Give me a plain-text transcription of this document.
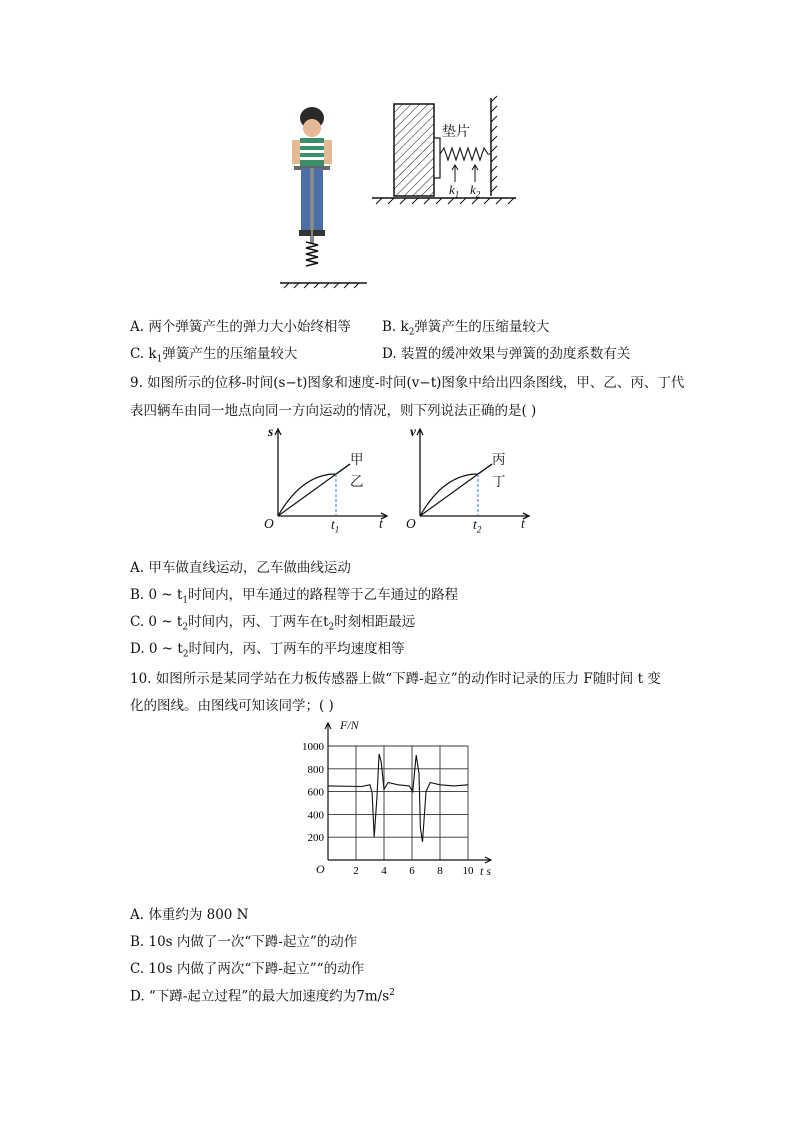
垫片
$k_1$ $k_2$
A. 两个弹簧产生的弹力大小始终相等 B. $k_2$弹簧产生的压缩量较大
C. $k_1$弹簧产生的压缩量较大	D. 装置的缓冲效果与弹簧的劲度系数有关
9. 如图所示的位移-时间(s−t)图象和速度-时间(v−t)图象中给出四条图线，甲、乙、丙、丁代
表四辆车由同一地点向同一方向运动的情况，则下列说法正确的是( )
s
t
O	$t_1$
甲
乙
v
t
O	$t_2$
丙
丁
A. 甲车做直线运动，乙车做曲线运动
B. 0 ~ $t_1$时间内，甲车通过的路程等于乙车通过的路程
C. 0 ~ $t_2$时间内，丙、丁两车在$t_2$时刻相距最远
D. 0 ~ $t_2$时间内，丙、丁两车的平均速度相等
10. 如图所示是某同学站在力板传感器上做“下蹲-起立”的动作时记录的压力 F随时间 t 变
化的图线。由图线可知该同学；( )
200
400
600
800
1000
2 4 6 8 10
F/N
t s
O
A. 体重约为 800 N
B. 10s 内做了一次“下蹲-起立”的动作
C. 10s 内做了两次“下蹲-起立”“的动作
D. “下蹲-起立过程”的最大加速度约为$7m/s^2$
